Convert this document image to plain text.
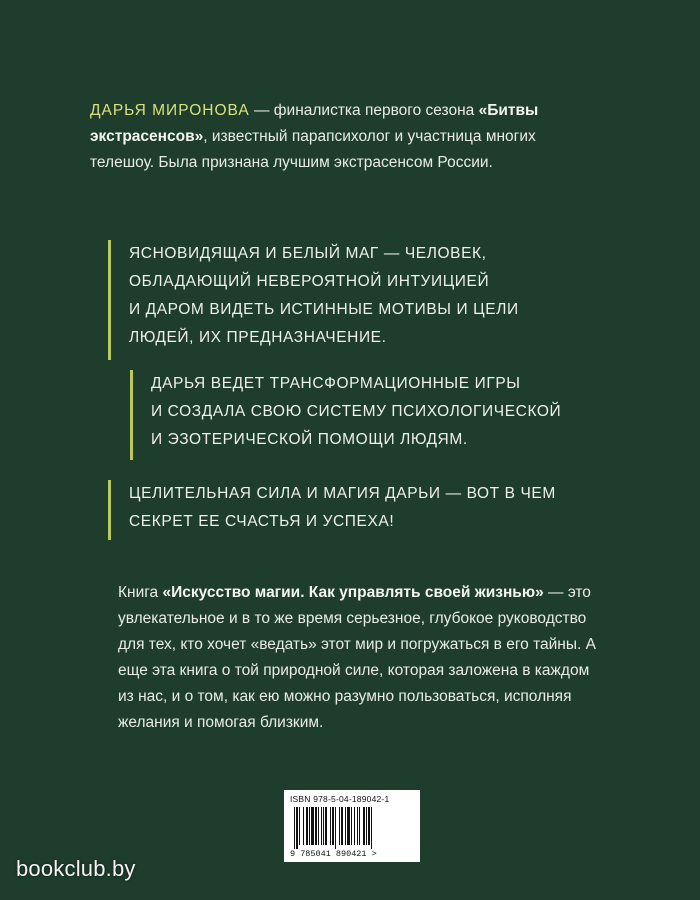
ДАРЬЯ МИРОНОВА — финалистка первого сезона «Битвы экстрасенсов», известный парапсихолог и участница многих телешоу. Была признана лучшим экстрасенсом России.
ЯСНОВИДЯЩАЯ И БЕЛЫЙ МАГ — ЧЕЛОВЕК,
ОБЛАДАЮЩИЙ НЕВЕРОЯТНОЙ ИНТУИЦИЕЙ
И ДАРОМ ВИДЕТЬ ИСТИННЫЕ МОТИВЫ И ЦЕЛИ
ЛЮДЕЙ, ИХ ПРЕДНАЗНАЧЕНИЕ.
ДАРЬЯ ВЕДЕТ ТРАНСФОРМАЦИОННЫЕ ИГРЫ
И СОЗДАЛА СВОЮ СИСТЕМУ ПСИХОЛОГИЧЕСКОЙ
И ЭЗОТЕРИЧЕСКОЙ ПОМОЩИ ЛЮДЯМ.
ЦЕЛИТЕЛЬНАЯ СИЛА И МАГИЯ ДАРЬИ — ВОТ В ЧЕМ
СЕКРЕТ ЕЕ СЧАСТЬЯ И УСПЕХА!
Книга «Искусство магии. Как управлять своей жизнью» — это увлекательное и в то же время серьезное, глубокое руководство для тех, кто хочет «ведать» этот мир и погружаться в его тайны. А еще эта книга о той природной силе, которая заложена в каждом из нас, и о том, как ею можно разумно пользоваться, исполняя желания и помогая близким.
ISBN 978-5-04-189042-1
9 785041 890421 >
bookclub.by
